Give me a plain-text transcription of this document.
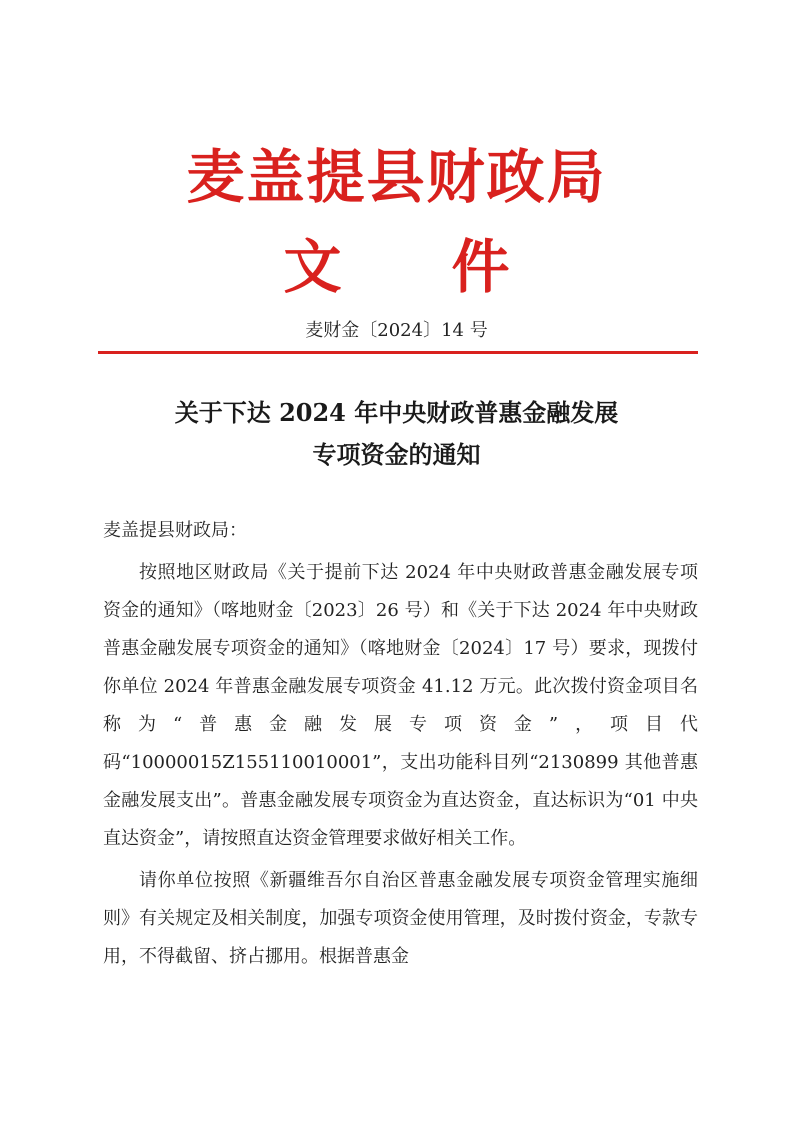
麦盖提县财政局
文件
麦财金〔2024〕14 号
关于下达 2024 年中央财政普惠金融发展
专项资金的通知

麦盖提县财政局：

按照地区财政局《关于提前下达 2024 年中央财政普惠金融发展专项资金的通知》（喀地财金〔2023〕26 号）和《关于下达 2024 年中央财政普惠金融发展专项资金的通知》（喀地财金〔2024〕17 号）要求，现拨付你单位 2024 年普惠金融发展专项资金 41.12 万元。此次拨付资金项目名称为“普惠金融发展专项资金”，项目代码“10000015Z155110010001”，支出功能科目列“2130899 其他普惠金融发展支出”。普惠金融发展专项资金为直达资金，直达标识为“01 中央直达资金”，请按照直达资金管理要求做好相关工作。

请你单位按照《新疆维吾尔自治区普惠金融发展专项资金管理实施细则》有关规定及相关制度，加强专项资金使用管理，及时拨付资金，专款专用，不得截留、挤占挪用。根据普惠金
